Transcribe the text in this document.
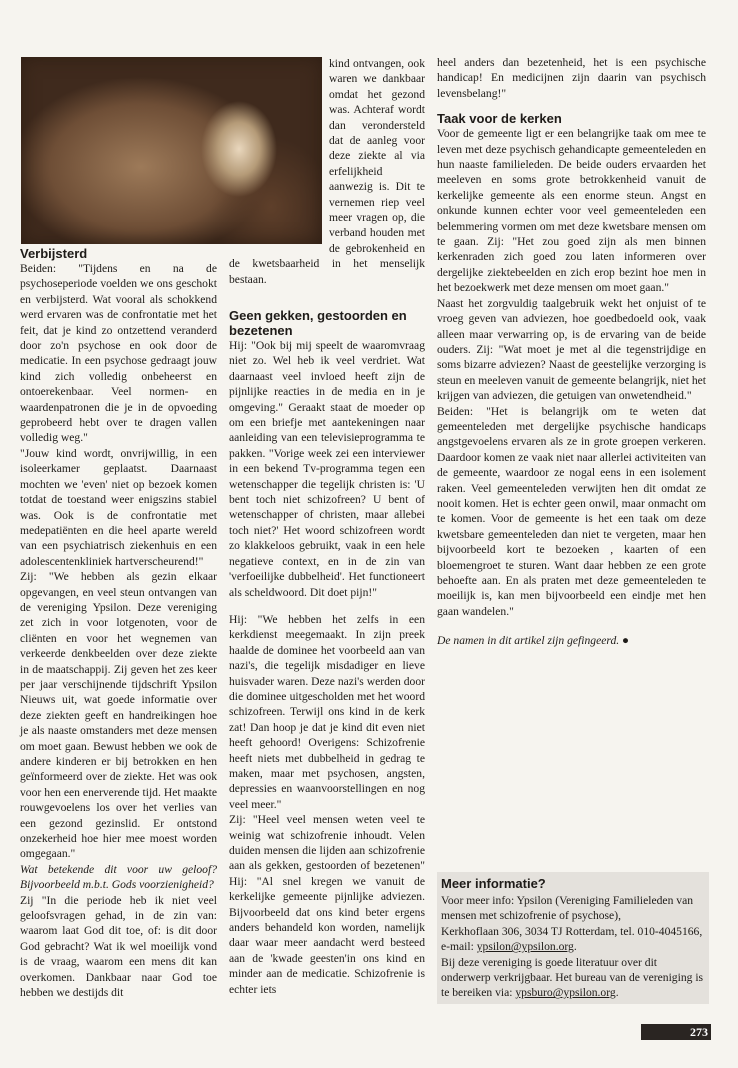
Verbijsterd

Beiden: "Tijdens en na de psychoseperiode voelden we ons geschokt en verbijsterd. Wat vooral als schokkend werd ervaren was de confrontatie met het feit, dat je kind zo ontzettend veranderd door zo'n psychose en ook door de medicatie. In een psychose gedraagt jouw kind zich volledig onbeheerst en ontoerekenbaar. Veel normen- en waardenpatronen die je in de opvoeding geprobeerd hebt over te dragen vallen volledig weg."

"Jouw kind wordt, onvrijwillig, in een isoleerkamer geplaatst. Daarnaast mochten we 'even' niet op bezoek komen totdat de toestand weer enigszins stabiel was. Ook is de confrontatie met medepatiënten en die heel aparte wereld van een psychiatrisch ziekenhuis en een adolescentenkliniek hartverscheurend!"

Zij: "We hebben als gezin elkaar opgevangen, en veel steun ontvangen van de vereniging Ypsilon. Deze vereniging zet zich in voor lotgenoten, voor de cliënten en voor het wegnemen van verkeerde denkbeelden over deze ziekte in de maatschappij. Zij geven het zes keer per jaar verschijnende tijdschrift Ypsilon Nieuws uit, wat goede informatie over deze ziekten geeft en handreikingen hoe je als naaste omstanders met deze mensen om moet gaan. Bewust hebben we ook de andere kinderen er bij betrokken en hen geïnformeerd over de ziekte. Het was ook voor hen een enerverende tijd. Het maakte rouwgevoelens los over het verlies van een gezond gezinslid. Er ontstond onzekerheid hoe hier mee moest worden omgegaan."

Wat betekende dit voor uw geloof? Bijvoorbeeld m.b.t. Gods voorzienigheid?

Zij "In die periode heb ik niet veel geloofsvragen gehad, in de zin van: waarom laat God dit toe, of: is dit door God gebracht? Wat ik wel moeilijk vond is de vraag, waarom een mens dit kan overkomen. Dankbaar naar God toe hebben we destijds dit

kind ontvangen, ook waren we dankbaar omdat het gezond was. Achteraf wordt dan verondersteld dat de aanleg voor deze ziekte al via erfelijkheid aanwezig is. Dit te vernemen riep veel meer vragen op, die verband houden met de gebrokenheid en de kwetsbaarheid in het menselijk bestaan.

Geen gekken, gestoorden en bezetenen

Hij: "Ook bij mij speelt de waaromvraag niet zo. Wel heb ik veel verdriet. Wat daarnaast veel invloed heeft zijn de pijnlijke reacties in de media en in je omgeving." Geraakt staat de moeder op om een briefje met aantekeningen naar aanleiding van een televisieprogramma te pakken. "Vorige week zei een interviewer in een bekend Tv-programma tegen een wetenschapper die tegelijk christen is: 'U bent toch niet schizofreen? U bent of wetenschapper of christen, maar allebei toch niet?' Het woord schizofreen wordt zo klakkeloos gebruikt, vaak in een hele negatieve context, en in de zin van 'verfoeilijke dubbelheid'. Het functioneert als scheldwoord. Dit doet pijn!"

Hij: "We hebben het zelfs in een kerkdienst meegemaakt. In zijn preek haalde de dominee het voorbeeld aan van nazi's, die tegelijk misdadiger en lieve huisvader waren. Deze nazi's werden door die dominee uitgescholden met het woord schizofreen. Terwijl ons kind in de kerk zat! Dan hoop je dat je kind dit even niet heeft gehoord! Overigens: Schizofrenie heeft niets met dubbelheid in gedrag te maken, maar met psychosen, angsten, depressies en waanvoorstellingen en nog veel meer."

Zij: "Heel veel mensen weten veel te weinig wat schizofrenie inhoudt. Velen duiden mensen die lijden aan schizofrenie aan als gekken, gestoorden of bezetenen" Hij: "Al snel kregen we vanuit de kerkelijke gemeente pijnlijke adviezen. Bijvoorbeeld dat ons kind beter ergens anders behandeld kon worden, namelijk daar waar meer aandacht werd besteed aan de 'kwade geesten'in ons kind en minder aan de medicatie. Schizofrenie is echter iets

heel anders dan bezetenheid, het is een psychische handicap! En medicijnen zijn daarin van psychisch levensbelang!"

Taak voor de kerken

Voor de gemeente ligt er een belangrijke taak om mee te leven met deze psychisch gehandicapte gemeenteleden en hun naaste familieleden. De beide ouders ervaarden het meeleven en soms grote betrokkenheid vanuit de kerkelijke gemeente als een enorme steun. Angst en onkunde kunnen echter voor veel gemeenteleden een belemmering vormen om met deze kwetsbare mensen om te gaan. Zij: "Het zou goed zijn als men binnen kerkenraden zich goed zou laten informeren over dergelijke ziektebeelden en zich erop bezint hoe men in het bezoekwerk met deze mensen om moet gaan."

Naast het zorgvuldig taalgebruik wekt het onjuist of te vroeg geven van adviezen, hoe goedbedoeld ook, vaak alleen maar verwarring op, is de ervaring van de beide ouders. Zij: "Wat moet je met al die tegenstrijdige en soms bizarre adviezen? Naast de geestelijke verzorging is steun en meeleven vanuit de gemeente belangrijk, niet het krijgen van adviezen, die getuigen van onwetendheid."

Beiden: "Het is belangrijk om te weten dat gemeenteleden met dergelijke psychische handicaps angstgevoelens ervaren als ze in grote groepen verkeren. Daardoor komen ze vaak niet naar allerlei activiteiten van de gemeente, waardoor ze nogal eens in een isolement raken. Veel gemeenteleden verwijten hen dit omdat ze nooit komen. Het is echter geen onwil, maar onmacht om te komen. Voor de gemeente is het een taak om deze kwetsbare gemeenteleden dan niet te vergeten, maar hen bijvoorbeeld kort te bezoeken , kaarten of een bloemengroet te sturen. Want daar hebben ze een grote behoefte aan. En als praten met deze gemeenteleden te moeilijk is, kan men bijvoorbeeld een eindje met hen gaan wandelen."

De namen in dit artikel zijn gefingeerd. ●

Meer informatie?

Voor meer info: Ypsilon (Vereniging Familieleden van mensen met schizofrenie of psychose),

Kerkhoflaan 306, 3034 TJ Rotterdam, tel. 010-4045166,

e-mail: ypsilon@ypsilon.org.

Bij deze vereniging is goede literatuur over dit onderwerp verkrijgbaar. Het bureau van de vereniging is te bereiken via: ypsburo@ypsilon.org.

273
